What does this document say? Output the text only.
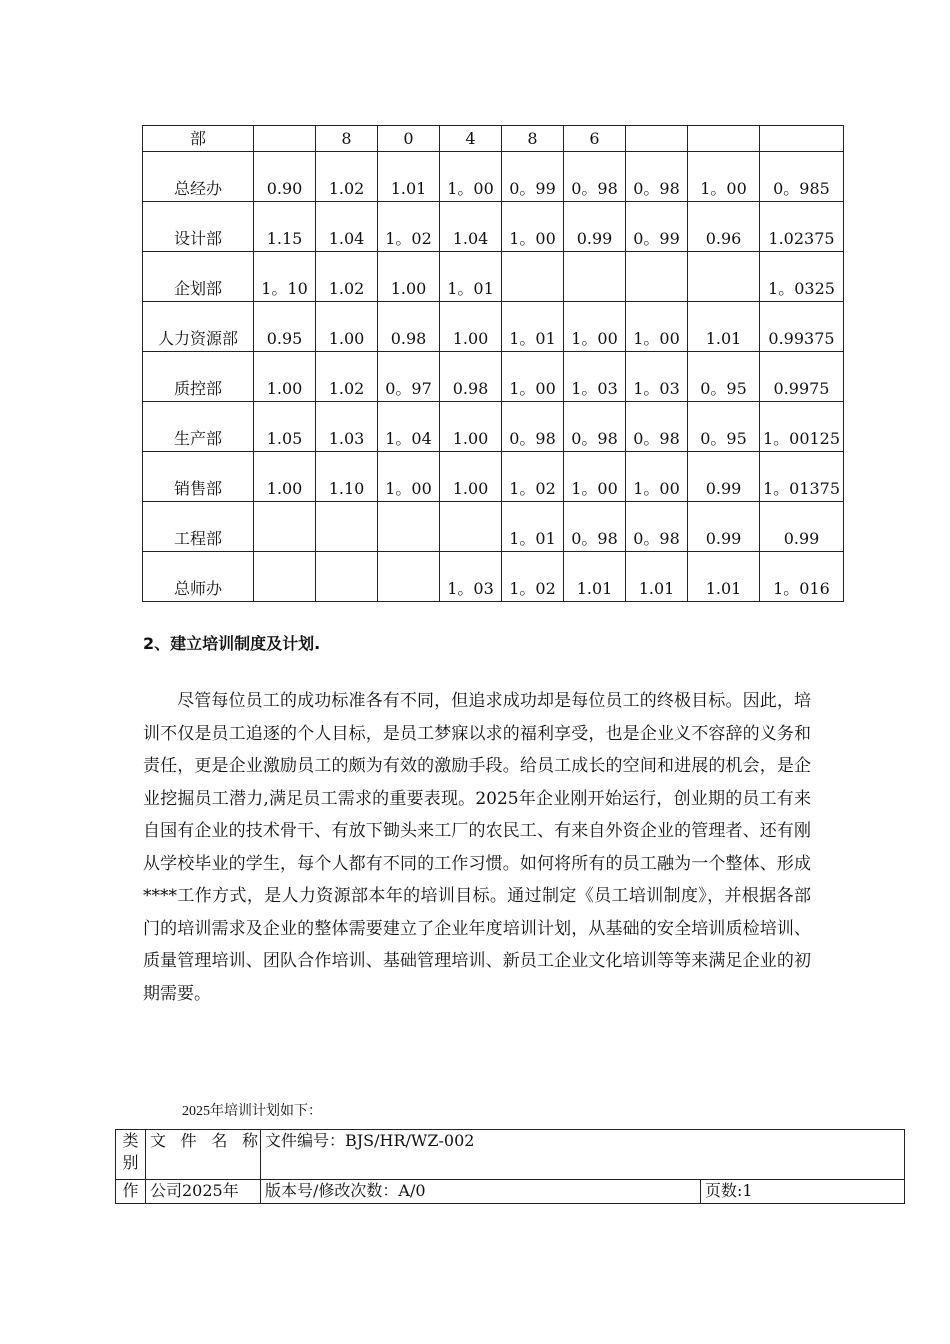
部		8	0	4	8	6			
总经办	0.90	1.02	1.01	1。00	0。99	0。98	0。98	1。00	0。985
设计部	1.15	1.04	1。02	1.04	1。00	0.99	0。99	0.96	1.02375
企划部	1。10	1.02	1.00	1。01					1。0325
人力资源部	0.95	1.00	0.98	1.00	1。01	1。00	1。00	1.01	0.99375
质控部	1.00	1.02	0。97	0.98	1。00	1。03	1。03	0。95	0.9975
生产部	1.05	1.03	1。04	1.00	0。98	0。98	0。98	0。95	1。00125
销售部	1.00	1.10	1。00	1.00	1。02	1。00	1。00	0.99	1。01375
工程部					1。01	0。98	0。98	0.99	0.99
总师办				1。03	1。02	1.01	1.01	1.01	1。016
2、建立培训制度及计划.

尽管每位员工的成功标准各有不同，但追求成功却是每位员工的终极目标。因此，培训不仅是员工追逐的个人目标，是员工梦寐以求的福利享受，也是企业义不容辞的义务和责任，更是企业激励员工的颇为有效的激励手段。给员工成长的空间和进展的机会，是企业挖掘员工潜力,满足员工需求的重要表现。2025年企业刚开始运行，创业期的员工有来自国有企业的技术骨干、有放下锄头来工厂的农民工、有来自外资企业的管理者、还有刚从学校毕业的学生，每个人都有不同的工作习惯。如何将所有的员工融为一个整体、形成****工作方式，是人力资源部本年的培训目标。通过制定《员工培训制度》，并根据各部门的培训需求及企业的整体需要建立了企业年度培训计划，从基础的安全培训质检培训、质量管理培训、团队合作培训、基础管理培训、新员工企业文化培训等等来满足企业的初期需要。

2025年培训计划如下：
类别	文件名称	文件编号：BJS/HR/WZ-002	
作	公司2025年	版本号/修改次数：A/0	页数:1
